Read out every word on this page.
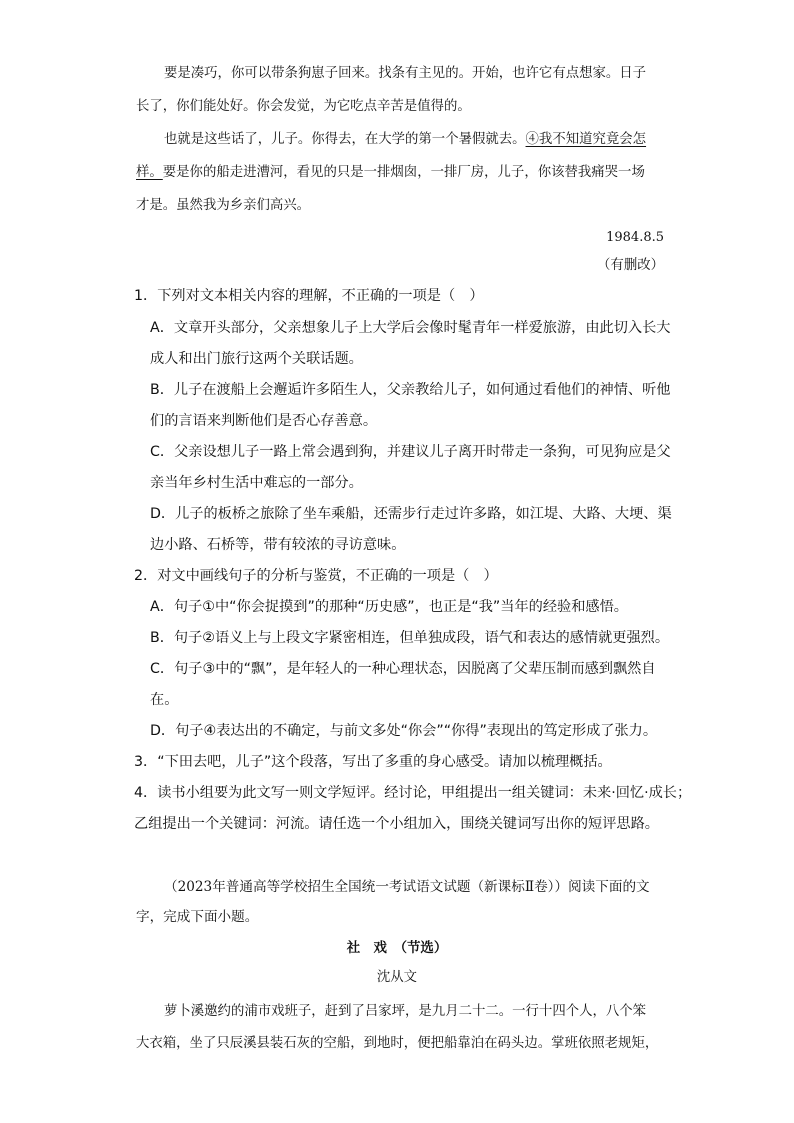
要是凑巧，你可以带条狗崽子回来。找条有主见的。开始，也许它有点想家。日子
长了，你们能处好。你会发觉，为它吃点辛苦是值得的。
也就是这些话了，儿子。你得去，在大学的第一个暑假就去。④我不知道究竟会怎
样。要是你的船走进漕河，看见的只是一排烟囱，一排厂房，儿子，你该替我痛哭一场
才是。虽然我为乡亲们高兴。
1984.8.5
（有删改）
1．下列对文本相关内容的理解，不正确的一项是（　）
A．文章开头部分，父亲想象儿子上大学后会像时髦青年一样爱旅游，由此切入长大
成人和出门旅行这两个关联话题。
B．儿子在渡船上会邂逅许多陌生人，父亲教给儿子，如何通过看他们的神情、听他
们的言语来判断他们是否心存善意。
C．父亲设想儿子一路上常会遇到狗，并建议儿子离开时带走一条狗，可见狗应是父
亲当年乡村生活中难忘的一部分。
D．儿子的板桥之旅除了坐车乘船，还需步行走过许多路，如江堤、大路、大埂、渠
边小路、石桥等，带有较浓的寻访意味。
2．对文中画线句子的分析与鉴赏，不正确的一项是（　）
A．句子①中“你会捉摸到”的那种“历史感”，也正是“我”当年的经验和感悟。
B．句子②语义上与上段文字紧密相连，但单独成段，语气和表达的感情就更强烈。
C．句子③中的“飘”，是年轻人的一种心理状态，因脱离了父辈压制而感到飘然自
在。
D．句子④表达出的不确定，与前文多处“你会”“你得”表现出的笃定形成了张力。
3．“下田去吧，儿子”这个段落，写出了多重的身心感受。请加以梳理概括。
4．读书小组要为此文写一则文学短评。经讨论，甲组提出一组关键词：未来·回忆·成长；
乙组提出一个关键词：河流。请任选一个小组加入，围绕关键词写出你的短评思路。
（2023年普通高等学校招生全国统一考试语文试题（新课标Ⅱ卷））阅读下面的文
字，完成下面小题。
社　戏　（节选）
沈从文
萝卜溪邀约的浦市戏班子，赶到了吕家坪，是九月二十二。一行十四个人，八个笨
大衣箱，坐了只辰溪县装石灰的空船，到地时，便把船靠泊在码头边。掌班依照老规矩，
